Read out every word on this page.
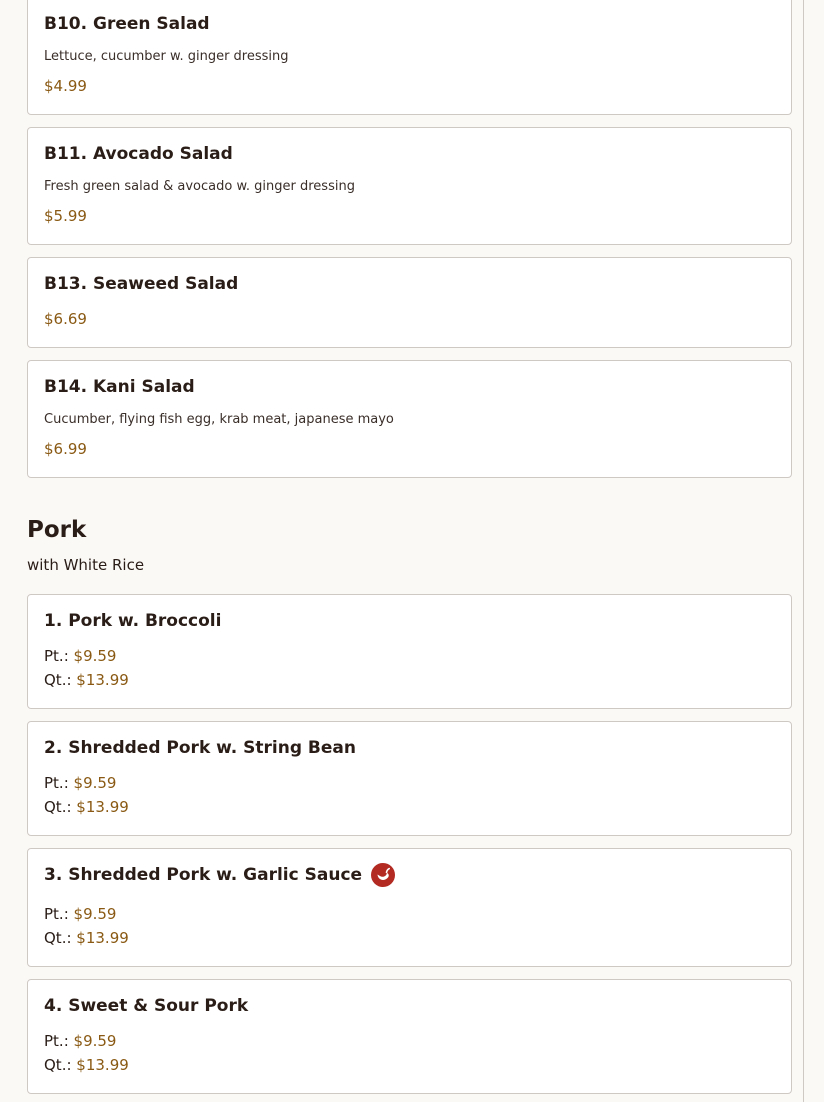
B10. Green Salad
Lettuce, cucumber w. ginger dressing
$4.99
B11. Avocado Salad
Fresh green salad & avocado w. ginger dressing
$5.99
B13. Seaweed Salad
$6.69
B14. Kani Salad
Cucumber, flying fish egg, krab meat, japanese mayo
$6.99
Pork
with White Rice
1. Pork w. Broccoli
Pt.: $9.59
Qt.: $13.99
2. Shredded Pork w. String Bean
Pt.: $9.59
Qt.: $13.99
3. Shredded Pork w. Garlic Sauce
Pt.: $9.59
Qt.: $13.99
4. Sweet & Sour Pork
Pt.: $9.59
Qt.: $13.99
